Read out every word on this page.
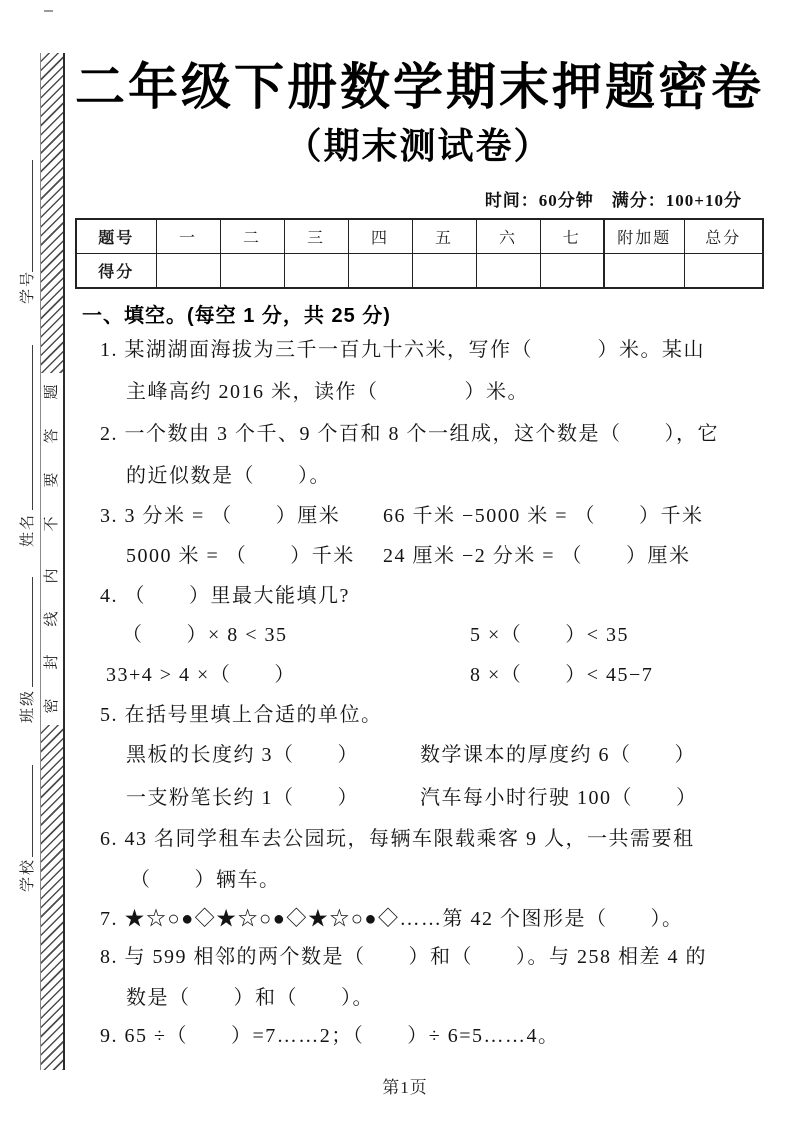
学号
姓名
班级
学校
题
答
要
不
内
线
封
密
二年级下册数学期末押题密卷
（期末测试卷）
时间：60分钟　满分：100+10分
题号	一	二	三	四	五	六	七	附加题	总分
得分									
一、填空。(每空 1 分，共 25 分)
1. 某湖湖面海拔为三千一百九十六米，写作（　　　）米。某山
主峰高约 2016 米，读作（　　　　）米。
2. 一个数由 3 个千、9 个百和 8 个一组成，这个数是（　　），它
的近似数是（　　）。
3. 3 分米 = （　　）厘米 66 千米 −5000 米 = （　　）千米
5000 米 = （　　）千米 24 厘米 −2 分米 = （　　）厘米
4. （　　）里最大能填几?
（　　）× 8 < 35	5 ×（　　）< 35
33+4 > 4 ×（　　）	8 ×（　　）< 45−7
5. 在括号里填上合适的单位。
黑板的长度约 3（　　）	数学课本的厚度约 6（　　）
一支粉笔长约 1（　　）	汽车每小时行驶 100（　　）
6. 43 名同学租车去公园玩，每辆车限载乘客 9 人，一共需要租
（　　）辆车。
7. ★☆○●◇★☆○●◇★☆○●◇……第 42 个图形是（　　）。
8. 与 599 相邻的两个数是（　　）和（　　）。与 258 相差 4 的
数是（　　）和（　　）。
9. 65 ÷（　　）=7……2；（　　）÷ 6=5……4。
第1页
